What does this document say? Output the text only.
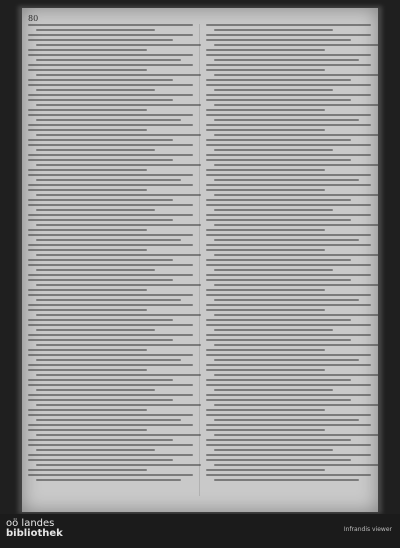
80
oö landes
bibliothek	Infrandis viewer
